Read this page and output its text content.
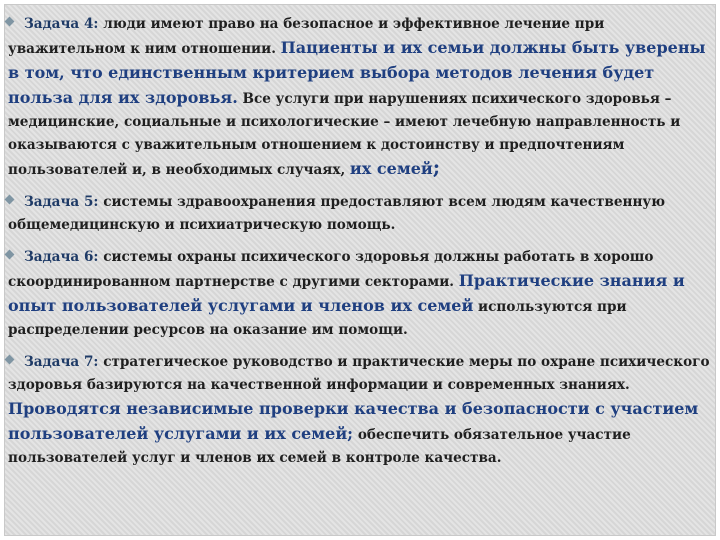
Задача 4: люди имеют право на безопасное и эффективное лечение при уважительном к ним отношении. Пациенты и их семьи должны быть уверены в том, что единственным критерием выбора методов лечения будет польза для их здоровья. Все услуги при нарушениях психического здоровья – медицинские, социальные и психологические – имеют лечебную направленность и оказываются с уважительным отношением к достоинству и предпочтениям пользователей и, в необходимых случаях, их семей;
Задача 5: системы здравоохранения предоставляют всем людям качественную общемедицинскую и психиатрическую помощь.
Задача 6: системы охраны психического здоровья должны работать в хорошо скоординированном партнерстве с другими секторами. Практические знания и опыт пользователей услугами и членов их семей используются при распределении ресурсов на оказание им помощи.
Задача 7: стратегическое руководство и практические меры по охране психического здоровья базируются на качественной информации и современных знаниях. Проводятся независимые проверки качества и безопасности с участием пользователей услугами и их семей; обеспечить обязательное участие пользователей услуг и членов их семей в контроле качества.
